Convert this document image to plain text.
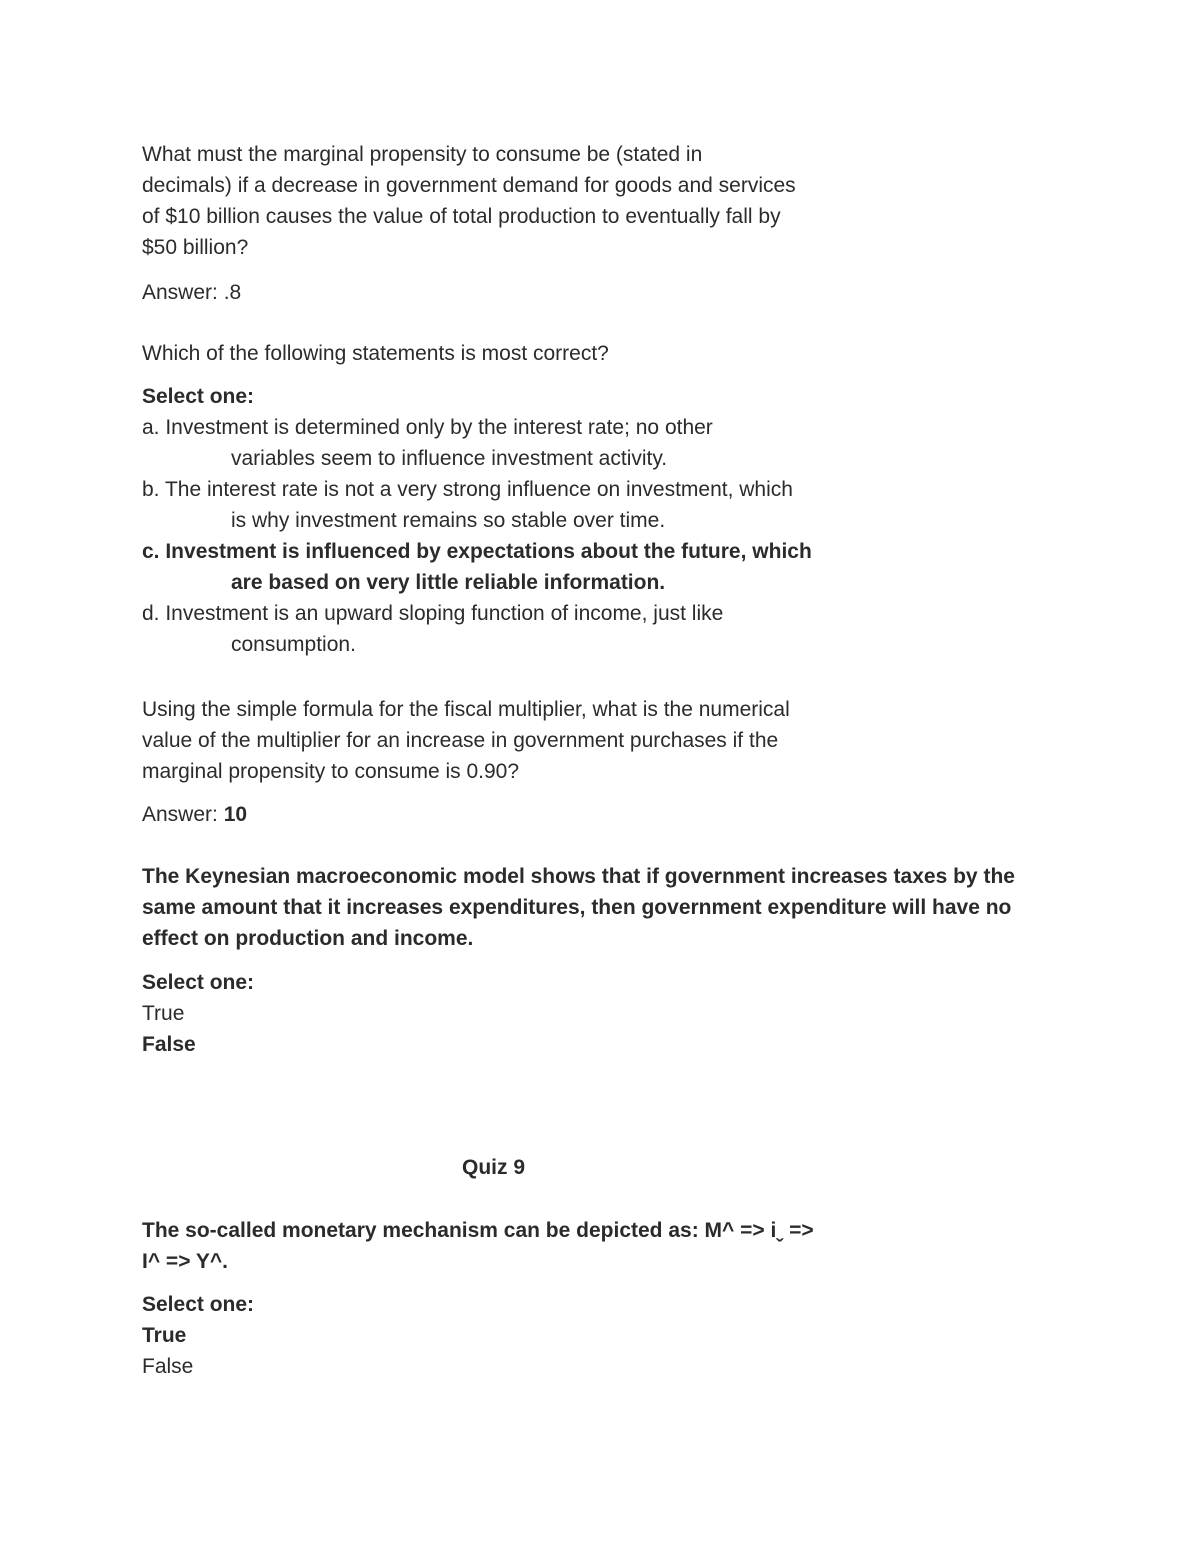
What must the marginal propensity to consume be (stated in
decimals) if a decrease in government demand for goods and services
of $10 billion causes the value of total production to eventually fall by
$50 billion?
Answer: .8
Which of the following statements is most correct?
Select one:
a. Investment is determined only by the interest rate; no other
variables seem to influence investment activity.
b. The interest rate is not a very strong influence on investment, which
is why investment remains so stable over time.
c. Investment is influenced by expectations about the future, which
are based on very little reliable information.
d. Investment is an upward sloping function of income, just like
consumption.
Using the simple formula for the fiscal multiplier, what is the numerical
value of the multiplier for an increase in government purchases if the
marginal propensity to consume is 0.90?
Answer: 10
The Keynesian macroeconomic model shows that if government increases taxes by the
same amount that it increases expenditures, then government expenditure will have no
effect on production and income.
Select one:
True
False
Quiz 9
The so-called monetary mechanism can be depicted as: M^ => iˬ =>
I^ => Y^.
Select one:
True
False
